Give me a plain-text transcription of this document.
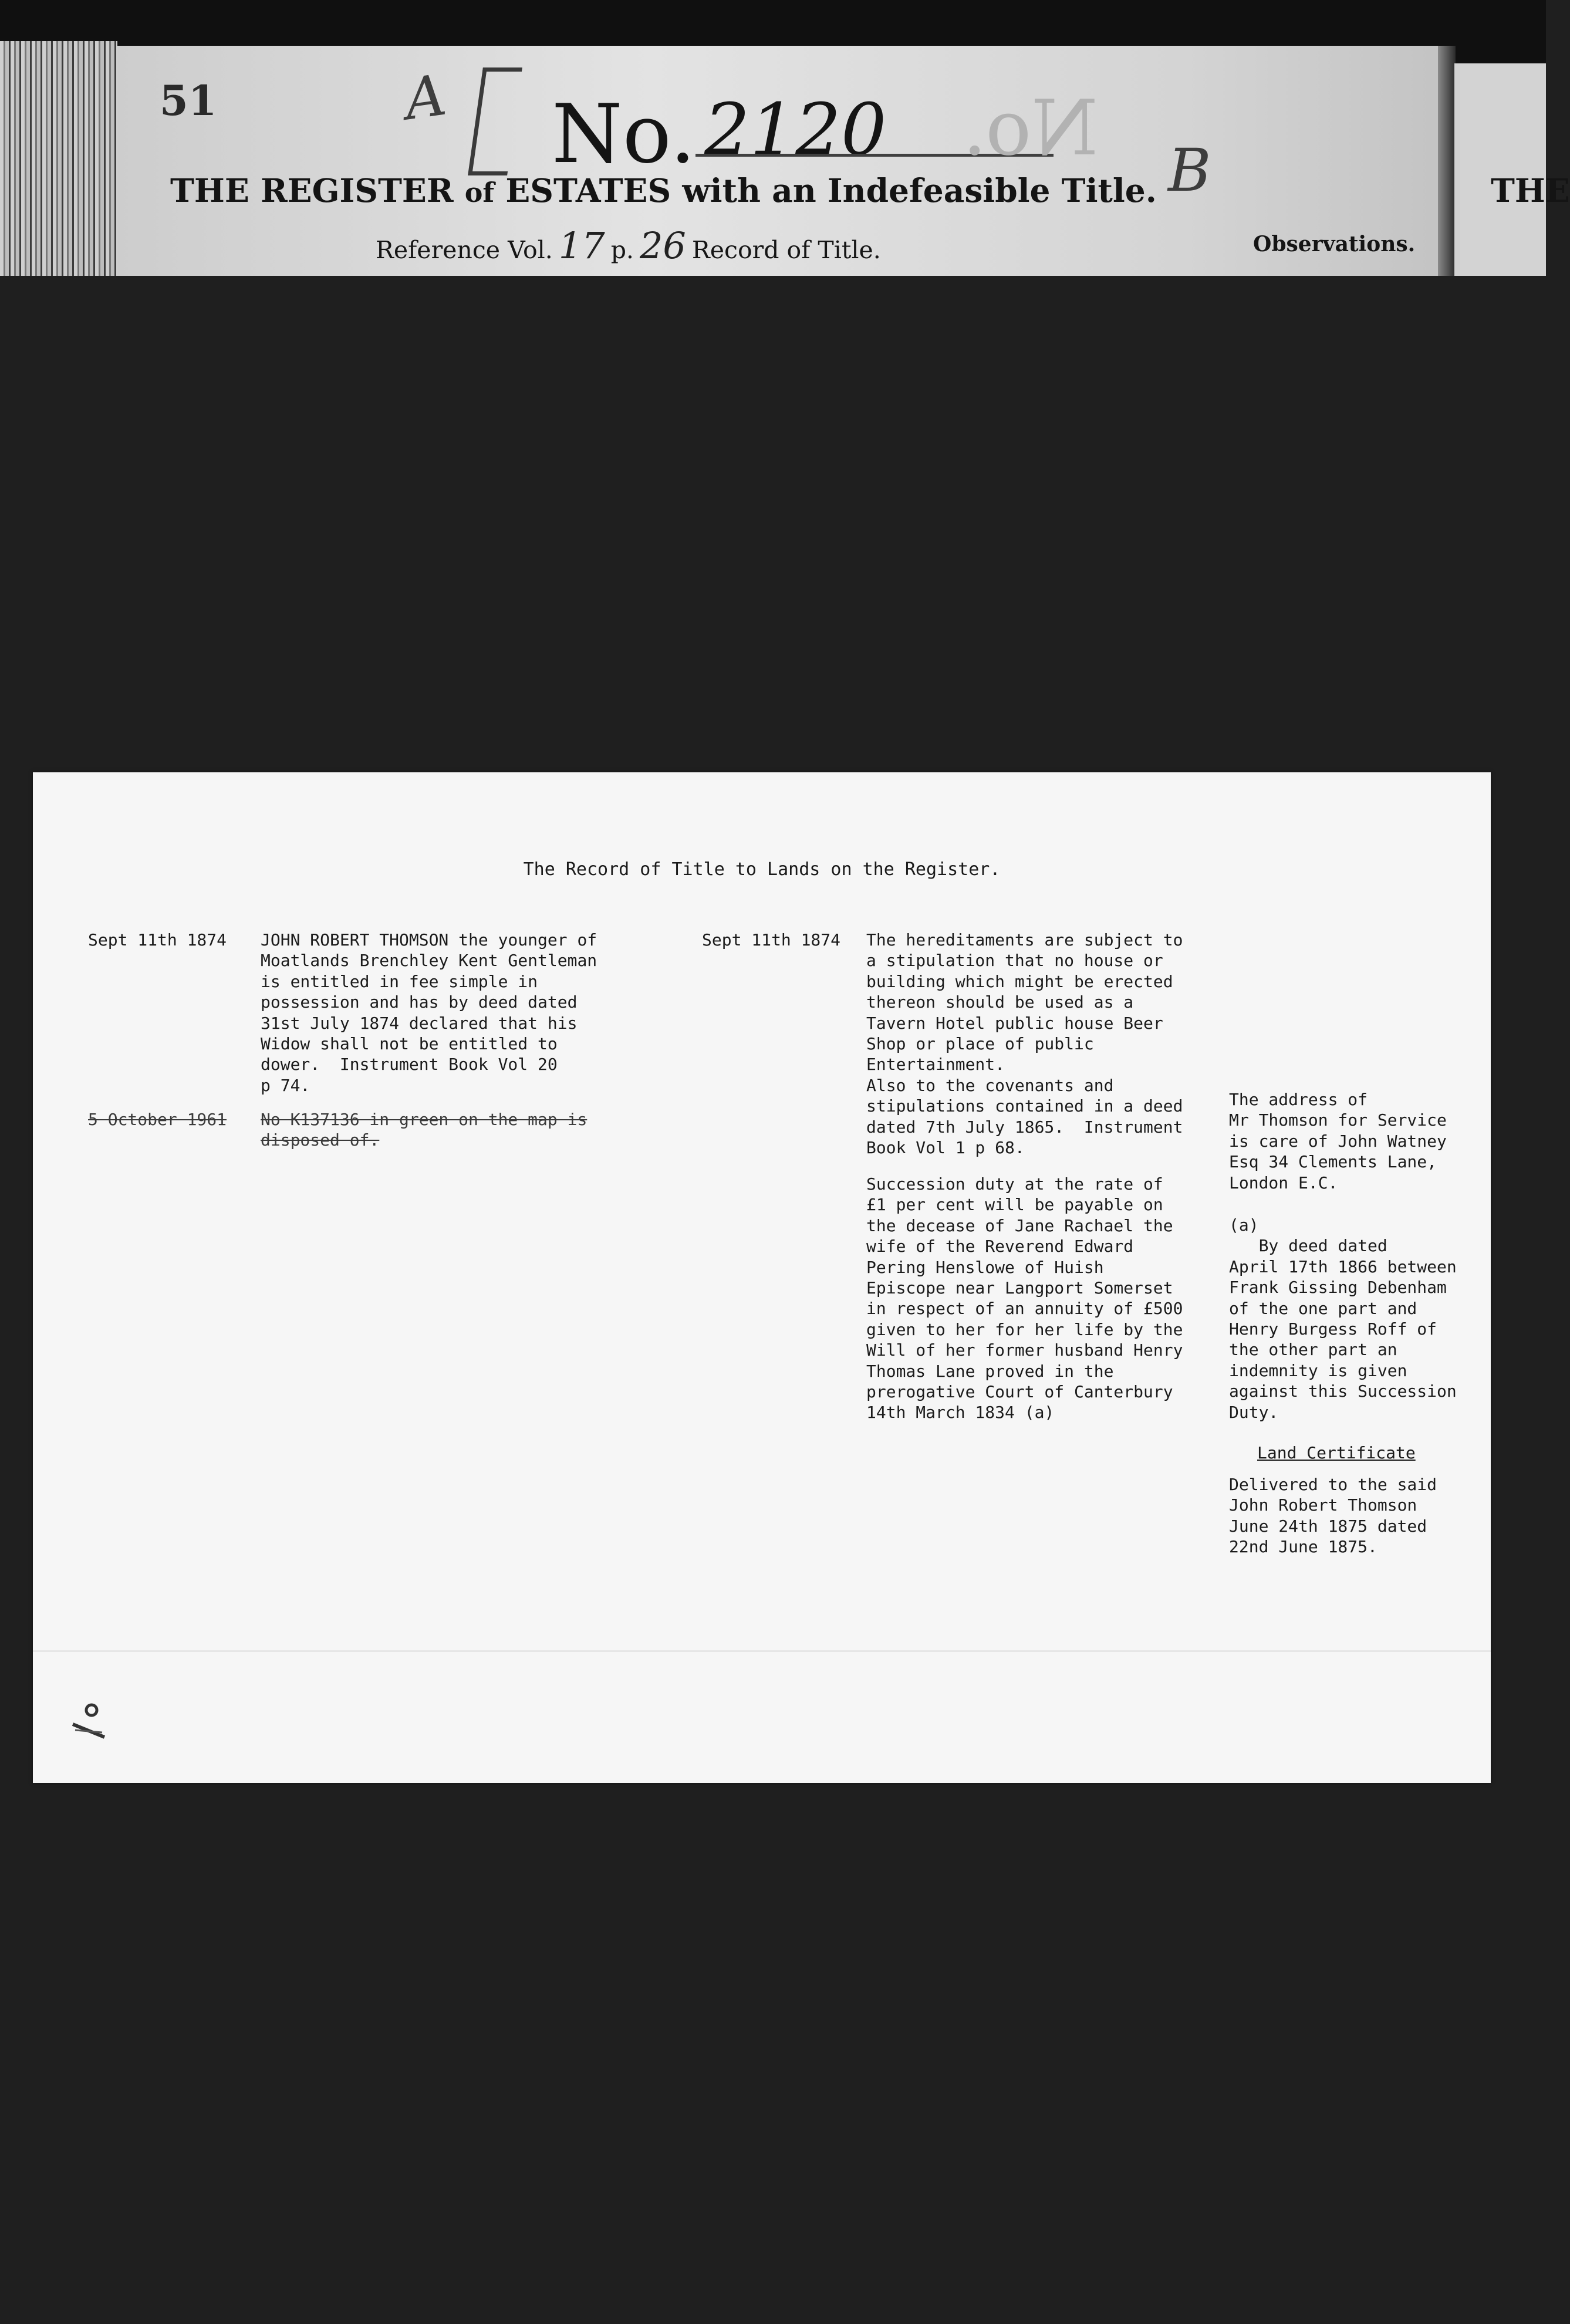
51	A No. 2120 No. B
THE REGISTER of ESTATES with an Indefeasible Title.
Reference Vol. 17 p. 26 Record of Title.	Observations.
THE
The Record of Title to Lands on the Register.
Sept 11th 1874 JOHN ROBERT THOMSON the younger of
Moatlands Brenchley Kent Gentleman
is entitled in fee simple in
possession and has by deed dated
31st July 1874 declared that his
Widow shall not be entitled to
dower.  Instrument Book Vol 20
p 74.
5 October 1961 No K137136 in green on the map is
disposed of.
Sept 11th 1874 The hereditaments are subject to
a stipulation that no house or
building which might be erected
thereon should be used as a
Tavern Hotel public house Beer
Shop or place of public
Entertainment.
Also to the covenants and
stipulations contained in a deed
dated 7th July 1865.  Instrument
Book Vol 1 p 68.
Succession duty at the rate of
£1 per cent will be payable on
the decease of Jane Rachael the
wife of the Reverend Edward
Pering Henslowe of Huish
Episcope near Langport Somerset
in respect of an annuity of £500
given to her for her life by the
Will of her former husband Henry
Thomas Lane proved in the
prerogative Court of Canterbury
14th March 1834 (a)
The address of
Mr Thomson for Service
is care of John Watney
Esq 34 Clements Lane,
London E.C.
(a)
By deed dated
April 17th 1866 between
Frank Gissing Debenham
of the one part and
Henry Burgess Roff of
the other part an
indemnity is given
against this Succession
Duty.
Land Certificate
Delivered to the said
John Robert Thomson
June 24th 1875 dated
22nd June 1875.
